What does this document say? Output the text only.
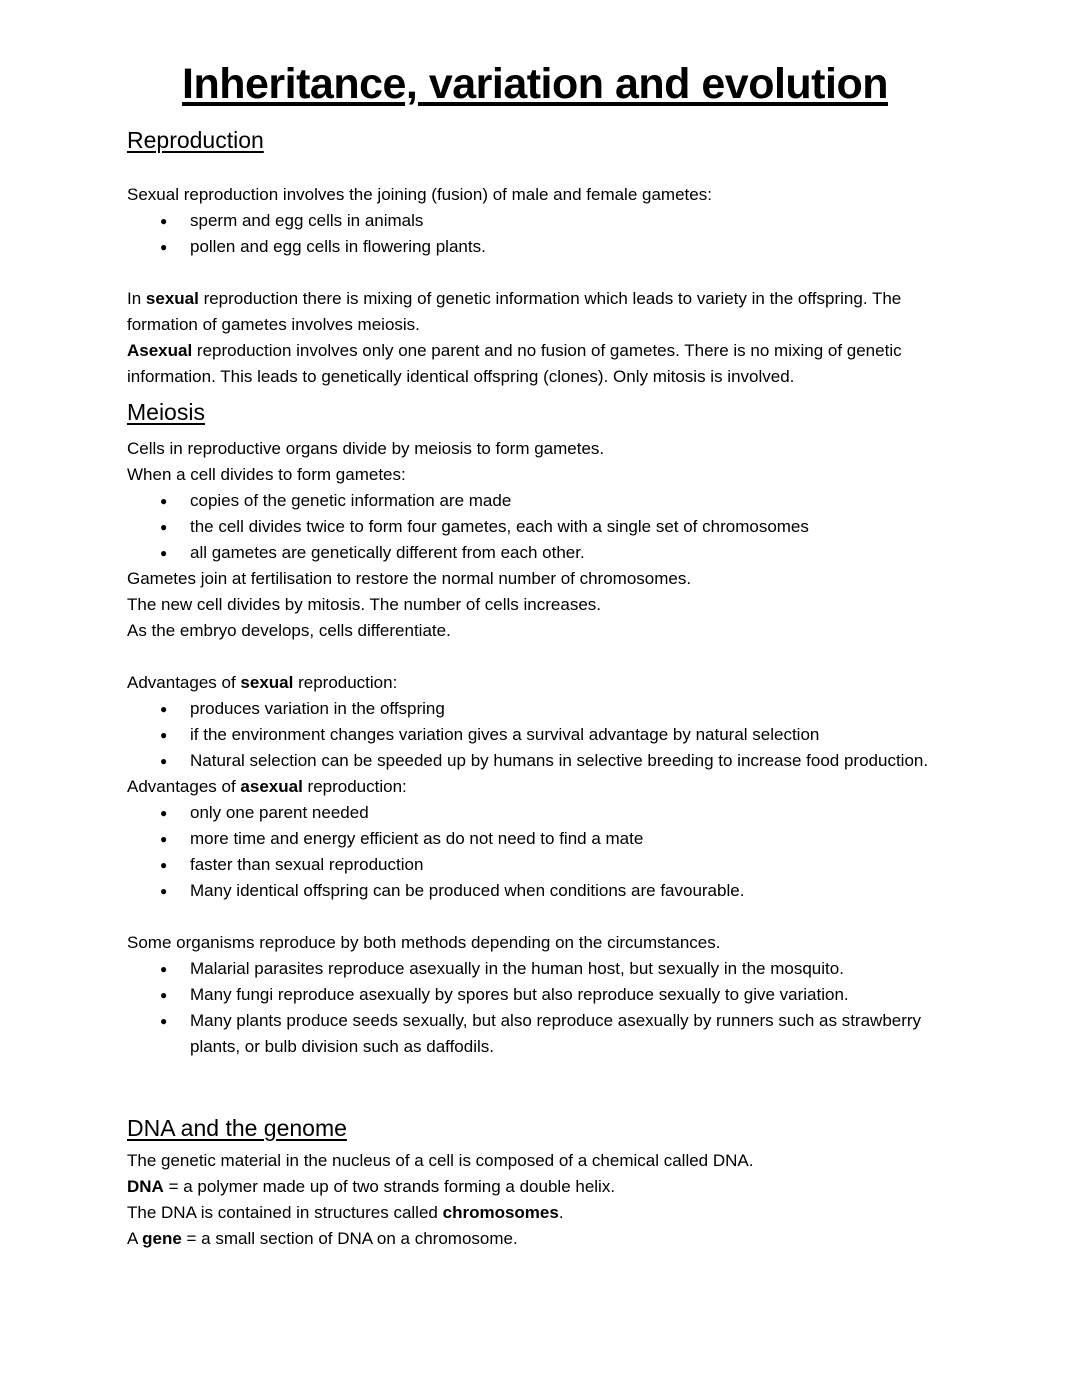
Inheritance, variation and evolution
Reproduction

Sexual reproduction involves the joining (fusion) of male and female gametes:

● sperm and egg cells in animals
● pollen and egg cells in flowering plants.

In sexual reproduction there is mixing of genetic information which leads to variety in the offspring. The formation of gametes involves meiosis.

Asexual reproduction involves only one parent and no fusion of gametes. There is no mixing of genetic information. This leads to genetically identical offspring (clones). Only mitosis is involved.

Meiosis

Cells in reproductive organs divide by meiosis to form gametes.

When a cell divides to form gametes:

● copies of the genetic information are made
● the cell divides twice to form four gametes, each with a single set of chromosomes
● all gametes are genetically different from each other.

Gametes join at fertilisation to restore the normal number of chromosomes.

The new cell divides by mitosis. The number of cells increases.

As the embryo develops, cells differentiate.

Advantages of sexual reproduction:

● produces variation in the offspring
● if the environment changes variation gives a survival advantage by natural selection
● Natural selection can be speeded up by humans in selective breeding to increase food production.

Advantages of asexual reproduction:

● only one parent needed
● more time and energy efficient as do not need to find a mate
● faster than sexual reproduction
● Many identical offspring can be produced when conditions are favourable.

Some organisms reproduce by both methods depending on the circumstances.

● Malarial parasites reproduce asexually in the human host, but sexually in the mosquito.
● Many fungi reproduce asexually by spores but also reproduce sexually to give variation.
● Many plants produce seeds sexually, but also reproduce asexually by runners such as strawberry plants, or bulb division such as daffodils.
DNA and the genome

The genetic material in the nucleus of a cell is composed of a chemical called DNA.

DNA = a polymer made up of two strands forming a double helix.

The DNA is contained in structures called chromosomes.

A gene = a small section of DNA on a chromosome.
